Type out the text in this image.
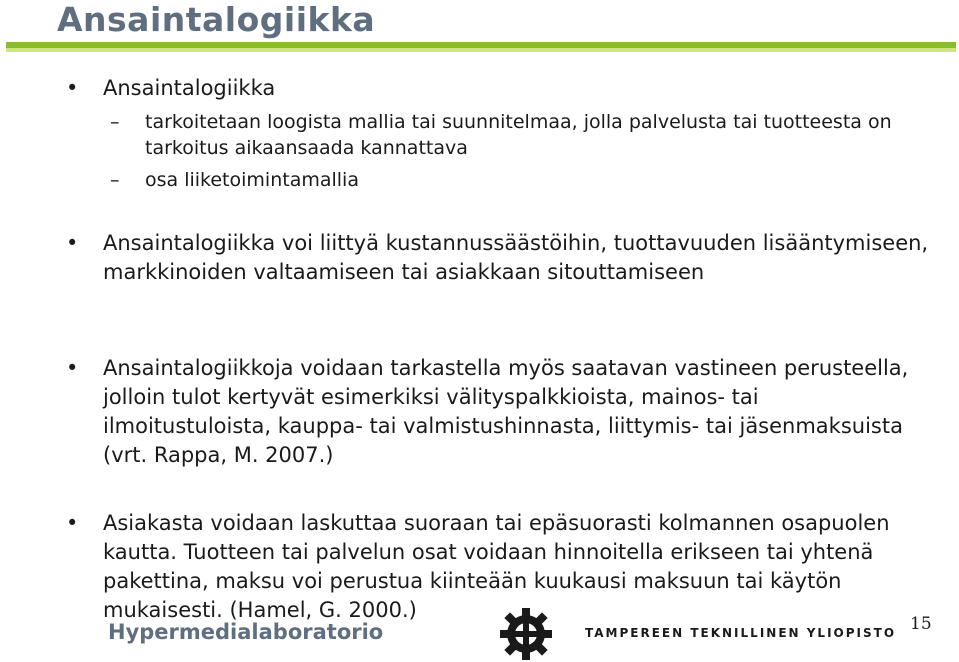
Ansaintalogiikka
• Ansaintalogiikka
– tarkoitetaan loogista mallia tai suunnitelmaa, jolla palvelusta tai tuotteesta on tarkoitus aikaansaada kannattava
– osa liiketoimintamallia
• Ansaintalogiikka voi liittyä kustannussäästöihin, tuottavuuden lisääntymiseen, markkinoiden valtaamiseen tai asiakkaan sitouttamiseen
• Ansaintalogiikkoja voidaan tarkastella myös saatavan vastineen perusteella, jolloin tulot kertyvät esimerkiksi välityspalkkioista, mainos- tai ilmoitustuloista, kauppa- tai valmistushinnasta, liittymis- tai jäsenmaksuista (vrt. Rappa, M. 2007.)
• Asiakasta voidaan laskuttaa suoraan tai epäsuorasti kolmannen osapuolen kautta. Tuotteen tai palvelun osat voidaan hinnoitella erikseen tai yhtenä pakettina, maksu voi perustua kiinteään kuukausi maksuun tai käytön mukaisesti. (Hamel, G. 2000.)
Hypermedialaboratorio	TAMPEREEN TEKNILLINEN YLIOPISTO 15
